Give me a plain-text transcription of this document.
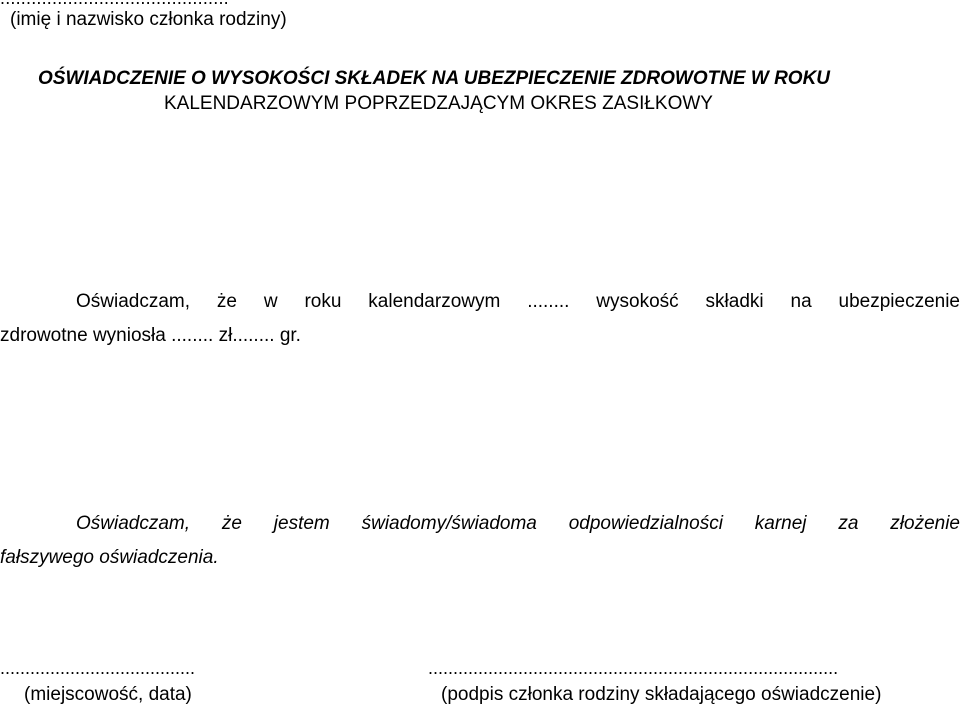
(imię i nazwisko członka rodziny)
OŚWIADCZENIE O WYSOKOŚCI SKŁADEK NA UBEZPIECZENIE ZDROWOTNE W ROKU
KALENDARZOWYM POPRZEDZAJĄCYM OKRES ZASIŁKOWY
Oświadczam, że w roku kalendarzowym ........ wysokość składki na ubezpieczenie
zdrowotne wyniosła ........ zł........ gr.
Oświadczam, że jestem świadomy/świadoma odpowiedzialności karnej za złożenie
fałszywego oświadczenia.
.......................................	..................................................................................
(miejscowość, data)	(podpis członka rodziny składającego oświadczenie)
